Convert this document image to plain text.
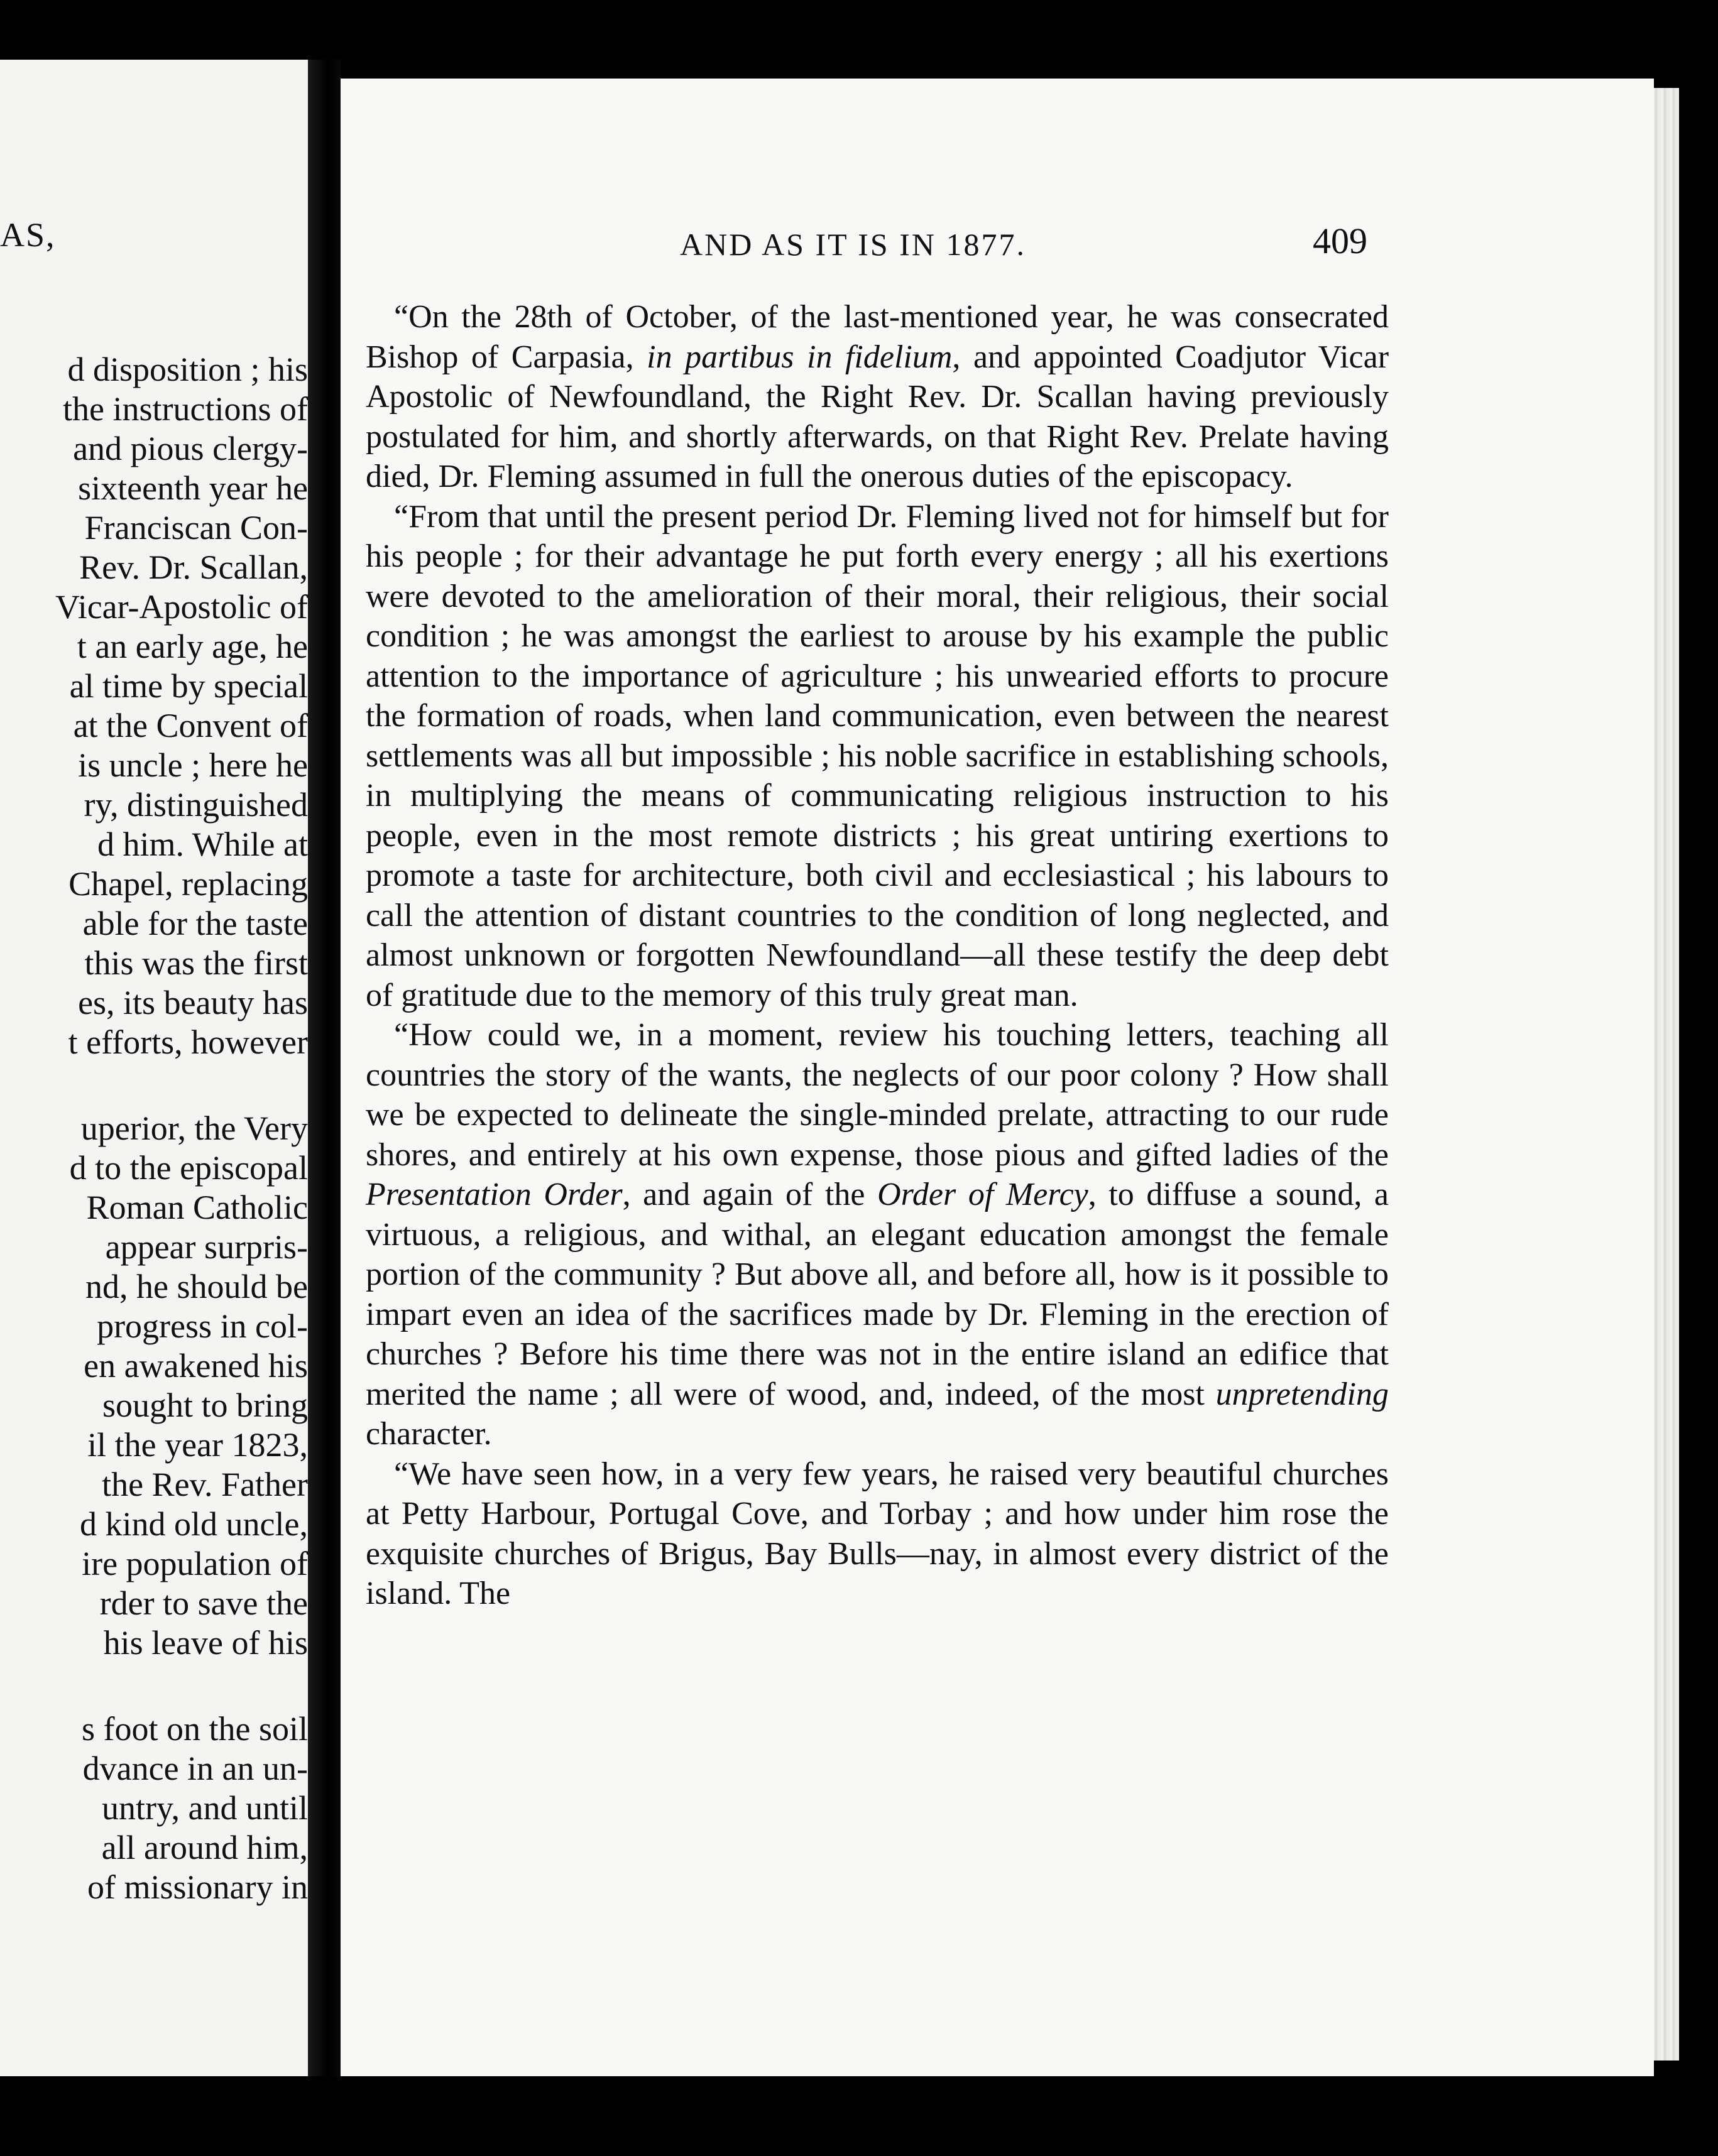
AS,
d disposition ; his
the instructions of
and pious clergy-
sixteenth year he
Franciscan Con-
Rev. Dr. Scallan,
Vicar-Apostolic of
t an early age, he
al time by special
at the Convent of
is uncle ; here he
ry, distinguished
d him. While at
Chapel, replacing
able for the taste
this was the first
es, its beauty has
t efforts, however
uperior, the Very
d to the episcopal
Roman Catholic
appear surpris-
nd, he should be
progress in col-
en awakened his
sought to bring
il the year 1823,
the Rev. Father
d kind old uncle,
ire population of
rder to save the
his leave of his
s foot on the soil
dvance in an un-
untry, and until
all around him,
of missionary in
AND AS IT IS IN 1877.	409

“On the 28th of October, of the last-mentioned year, he was consecrated Bishop of Carpasia, in partibus in fidelium, and appointed Coadjutor Vicar Apostolic of Newfoundland, the Right Rev. Dr. Scallan having previously postulated for him, and shortly afterwards, on that Right Rev. Prelate having died, Dr. Fleming assumed in full the onerous duties of the episcopacy.

“From that until the present period Dr. Fleming lived not for himself but for his people ; for their advantage he put forth every energy ; all his exertions were devoted to the amelioration of their moral, their religious, their social condition ; he was amongst the earliest to arouse by his example the public attention to the importance of agriculture ; his unwearied efforts to procure the formation of roads, when land communication, even between the nearest settlements was all but impossible ; his noble sacrifice in establishing schools, in multiplying the means of communicating religious instruction to his people, even in the most remote districts ; his great untiring exertions to promote a taste for architecture, both civil and ecclesiastical ; his labours to call the attention of distant countries to the condition of long neglected, and almost unknown or forgotten Newfoundland—all these testify the deep debt of gratitude due to the memory of this truly great man.

“How could we, in a moment, review his touching letters, teaching all countries the story of the wants, the neglects of our poor colony ? How shall we be expected to delineate the single-minded prelate, attracting to our rude shores, and entirely at his own expense, those pious and gifted ladies of the Presentation Order, and again of the Order of Mercy, to diffuse a sound, a virtuous, a religious, and withal, an elegant education amongst the female portion of the community ? But above all, and before all, how is it possible to impart even an idea of the sacrifices made by Dr. Fleming in the erection of churches ? Before his time there was not in the entire island an edifice that merited the name ; all were of wood, and, indeed, of the most unpretending character.

“We have seen how, in a very few years, he raised very beautiful churches at Petty Harbour, Portugal Cove, and Torbay ; and how under him rose the exquisite churches of Brigus, Bay Bulls—nay, in almost every district of the island. The
